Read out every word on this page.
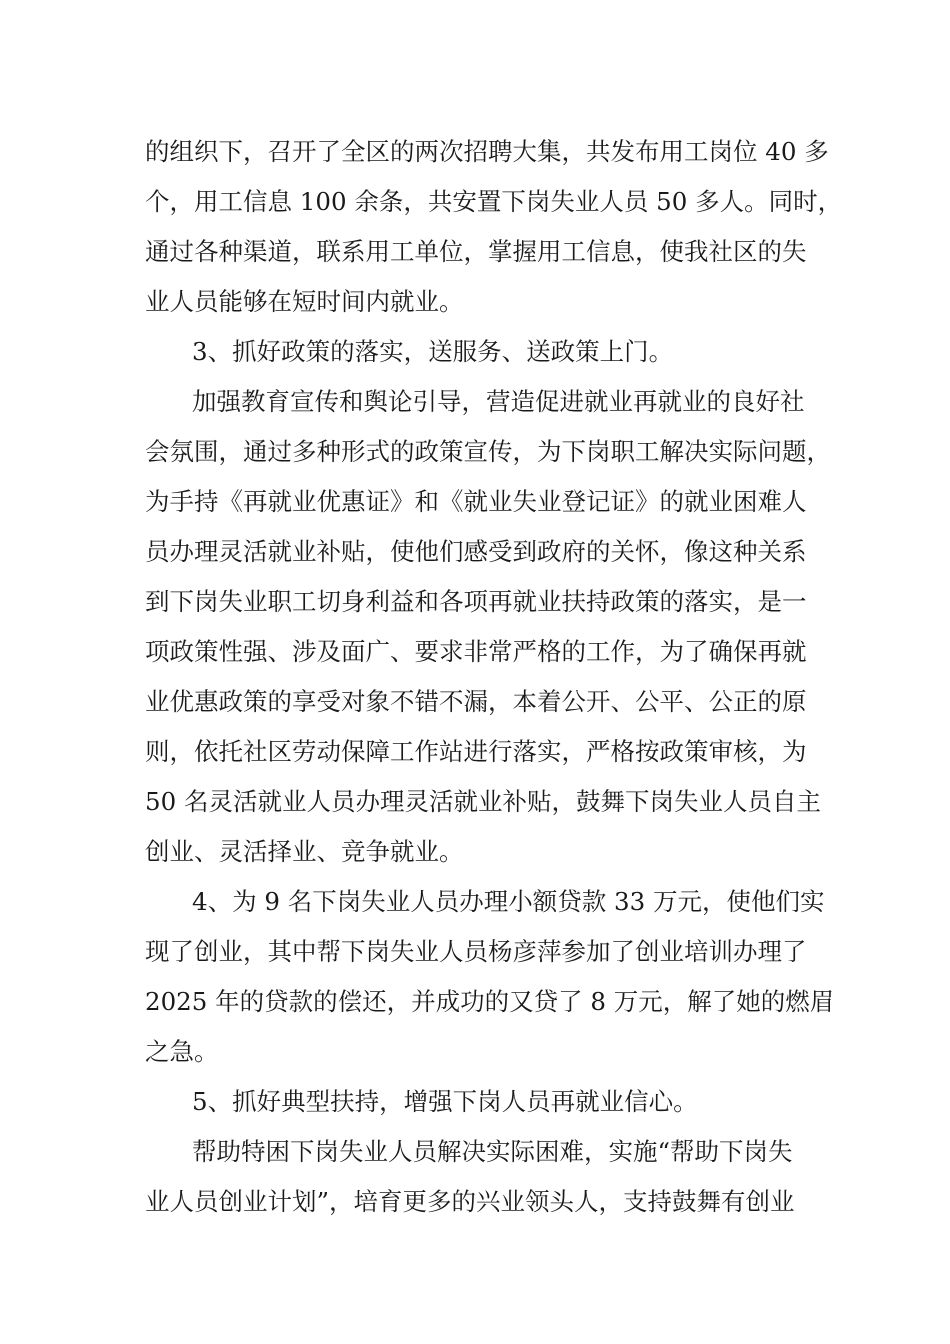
的组织下，召开了全区的两次招聘大集，共发布用工岗位 40 多
个，用工信息 100 余条，共安置下岗失业人员 50 多人。同时，
通过各种渠道，联系用工单位，掌握用工信息，使我社区的失
业人员能够在短时间内就业。
3、抓好政策的落实，送服务、送政策上门。
加强教育宣传和舆论引导，营造促进就业再就业的良好社
会氛围，通过多种形式的政策宣传，为下岗职工解决实际问题，
为手持《再就业优惠证》和《就业失业登记证》的就业困难人
员办理灵活就业补贴，使他们感受到政府的关怀，像这种关系
到下岗失业职工切身利益和各项再就业扶持政策的落实，是一
项政策性强、涉及面广、要求非常严格的工作，为了确保再就
业优惠政策的享受对象不错不漏，本着公开、公平、公正的原
则，依托社区劳动保障工作站进行落实，严格按政策审核，为
50 名灵活就业人员办理灵活就业补贴，鼓舞下岗失业人员自主
创业、灵活择业、竞争就业。
4、为 9 名下岗失业人员办理小额贷款 33 万元，使他们实
现了创业，其中帮下岗失业人员杨彦萍参加了创业培训办理了
2025 年的贷款的偿还，并成功的又贷了 8 万元，解了她的燃眉
之急。
5、抓好典型扶持，增强下岗人员再就业信心。
帮助特困下岗失业人员解决实际困难，实施“帮助下岗失
业人员创业计划”，培育更多的兴业领头人，支持鼓舞有创业
